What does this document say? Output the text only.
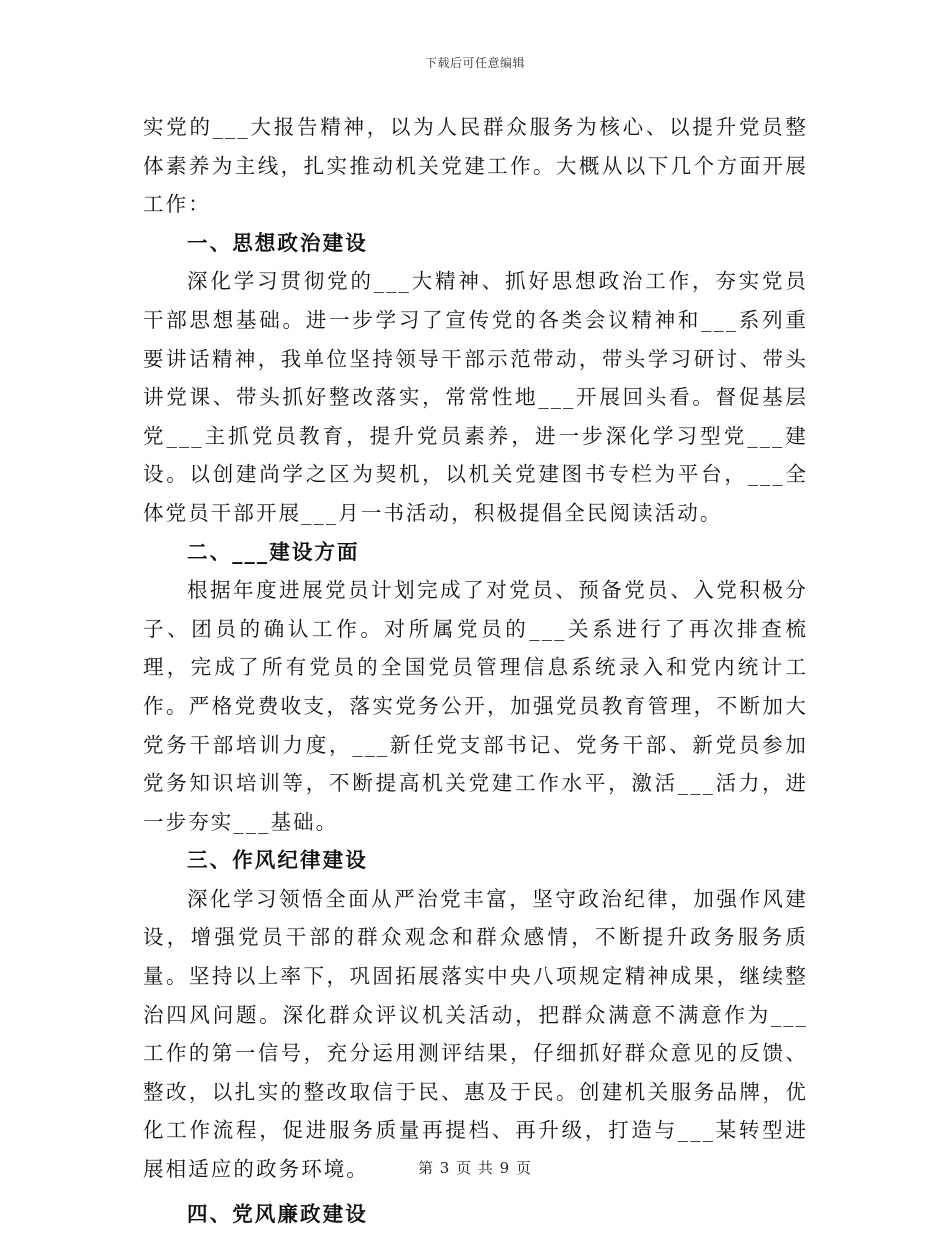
下载后可任意编辑

实党的___大报告精神，以为人民群众服务为核心、以提升党员整体素养为主线，扎实推动机关党建工作。大概从以下几个方面开展工作：

一、思想政治建设

深化学习贯彻党的___大精神、抓好思想政治工作，夯实党员干部思想基础。进一步学习了宣传党的各类会议精神和___系列重要讲话精神，我单位坚持领导干部示范带动，带头学习研讨、带头讲党课、带头抓好整改落实，常常性地___开展回头看。督促基层党___主抓党员教育，提升党员素养，进一步深化学习型党___建设。以创建尚学之区为契机，以机关党建图书专栏为平台，___全体党员干部开展___月一书活动，积极提倡全民阅读活动。

二、___建设方面

根据年度进展党员计划完成了对党员、预备党员、入党积极分子、团员的确认工作。对所属党员的___关系进行了再次排查梳理，完成了所有党员的全国党员管理信息系统录入和党内统计工作。严格党费收支，落实党务公开，加强党员教育管理，不断加大党务干部培训力度，___新任党支部书记、党务干部、新党员参加党务知识培训等，不断提高机关党建工作水平，激活___活力，进一步夯实___基础。

三、作风纪律建设

深化学习领悟全面从严治党丰富，坚守政治纪律，加强作风建设，增强党员干部的群众观念和群众感情，不断提升政务服务质量。坚持以上率下，巩固拓展落实中央八项规定精神成果，继续整治四风问题。深化群众评议机关活动，把群众满意不满意作为___工作的第一信号，充分运用测评结果，仔细抓好群众意见的反馈、整改，以扎实的整改取信于民、惠及于民。创建机关服务品牌，优化工作流程，促进服务质量再提档、再升级，打造与___某转型进展相适应的政务环境。

四、党风廉政建设

第 3 页 共 9 页
